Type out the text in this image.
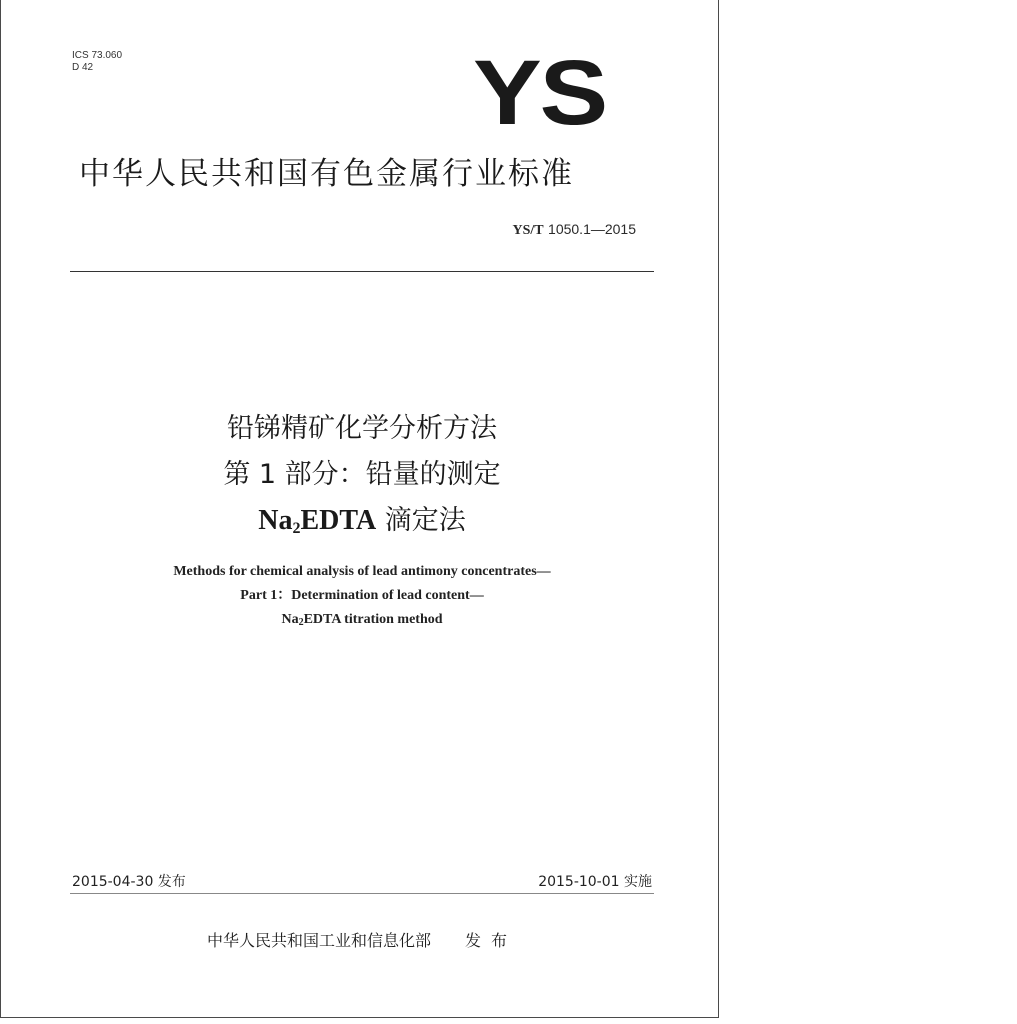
ICS 73.060
D 42	YS
中华人民共和国有色金属行业标准
YS/T 1050.1—2015
铅锑精矿化学分析方法
第 1 部分：铅量的测定
$Na_2EDTA$ 滴定法
Methods for chemical analysis of lead antimony concentrates—
Part 1：Determination of lead content—
$Na_2EDTA$ titration method
2015-04-30 发布	2015-10-01 实施
中华人民共和国工业和信息化部 发布
